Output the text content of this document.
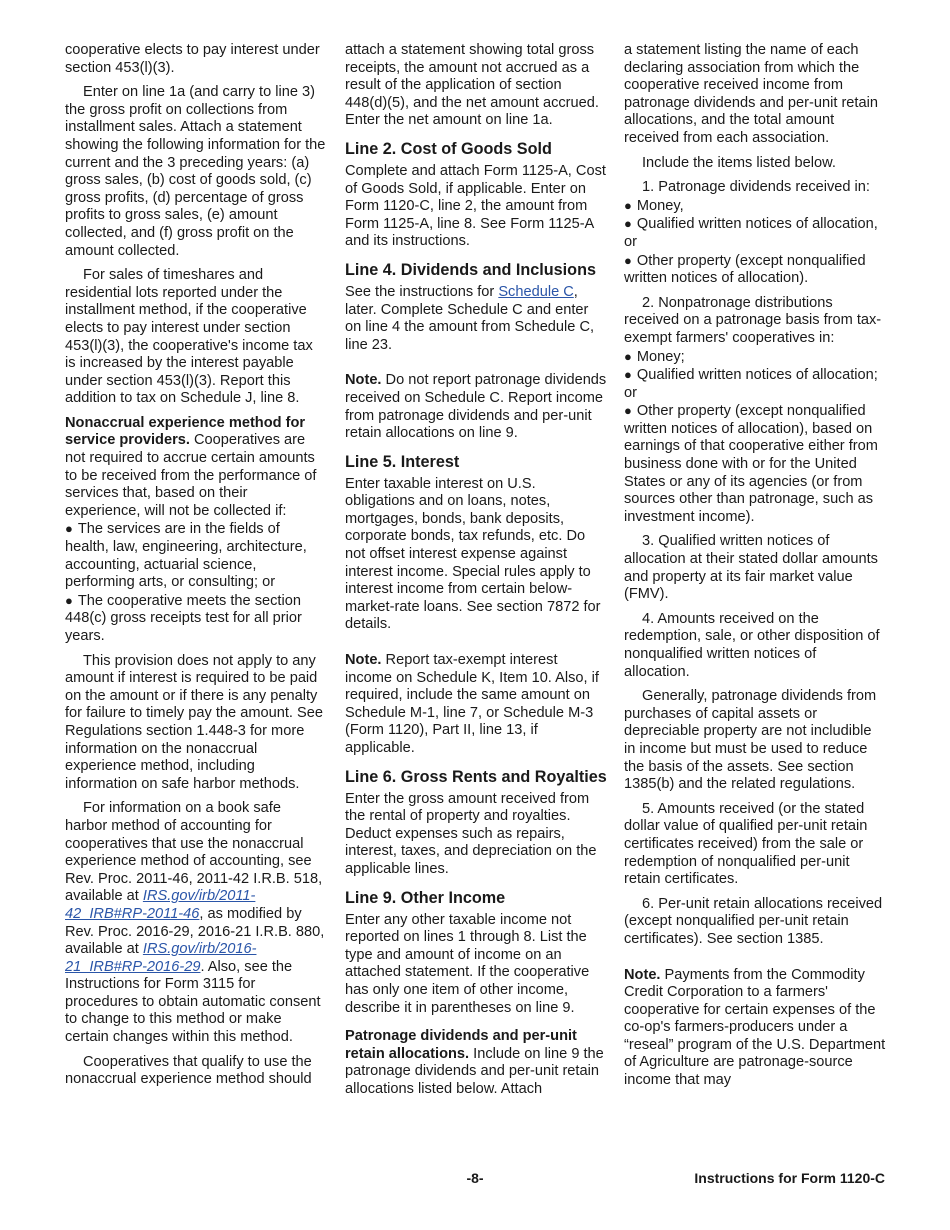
cooperative elects to pay interest under section 453(l)(3).

Enter on line 1a (and carry to line 3) the gross profit on collections from installment sales. Attach a statement showing the following information for the current and the 3 preceding years: (a) gross sales, (b) cost of goods sold, (c) gross profits, (d) percentage of gross profits to gross sales, (e) amount collected, and (f) gross profit on the amount collected.

For sales of timeshares and residential lots reported under the installment method, if the cooperative elects to pay interest under section 453(l)(3), the cooperative's income tax is increased by the interest payable under section 453(l)(3). Report this addition to tax on Schedule J, line 8.

Nonaccrual experience method for service providers. Cooperatives are not required to accrue certain amounts to be received from the performance of services that, based on their experience, will not be collected if:

● The services are in the fields of health, law, engineering, architecture, accounting, actuarial science, performing arts, or consulting; or
● The cooperative meets the section 448(c) gross receipts test for all prior years.

This provision does not apply to any amount if interest is required to be paid on the amount or if there is any penalty for failure to timely pay the amount. See Regulations section 1.448-3 for more information on the nonaccrual experience method, including information on safe harbor methods.

For information on a book safe harbor method of accounting for cooperatives that use the nonaccrual experience method of accounting, see Rev. Proc. 2011-46, 2011-42 I.R.B. 518, available at IRS.gov/irb/2011-42_IRB#RP-2011-46, as modified by Rev. Proc. 2016-29, 2016-21 I.R.B. 880, available at IRS.gov/irb/2016-21_IRB#RP-2016-29. Also, see the Instructions for Form 3115 for procedures to obtain automatic consent to change to this method or make certain changes within this method.

Cooperatives that qualify to use the nonaccrual experience method should

attach a statement showing total gross receipts, the amount not accrued as a result of the application of section 448(d)(5), and the net amount accrued. Enter the net amount on line 1a.

Line 2. Cost of Goods Sold

Complete and attach Form 1125-A, Cost of Goods Sold, if applicable. Enter on Form 1120-C, line 2, the amount from Form 1125-A, line 8. See Form 1125-A and its instructions.

Line 4. Dividends and Inclusions

See the instructions for Schedule C, later. Complete Schedule C and enter on line 4 the amount from Schedule C, line 23.

Note. Do not report patronage dividends received on Schedule C. Report income from patronage dividends and per-unit retain allocations on line 9.

Line 5. Interest

Enter taxable interest on U.S. obligations and on loans, notes, mortgages, bonds, bank deposits, corporate bonds, tax refunds, etc. Do not offset interest expense against interest income. Special rules apply to interest income from certain below-market-rate loans. See section 7872 for details.

Note. Report tax-exempt interest income on Schedule K, Item 10. Also, if required, include the same amount on Schedule M-1, line 7, or Schedule M-3 (Form 1120), Part II, line 13, if applicable.

Line 6. Gross Rents and Royalties

Enter the gross amount received from the rental of property and royalties. Deduct expenses such as repairs, interest, taxes, and depreciation on the applicable lines.

Line 9. Other Income

Enter any other taxable income not reported on lines 1 through 8. List the type and amount of income on an attached statement. If the cooperative has only one item of other income, describe it in parentheses on line 9.

Patronage dividends and per-unit retain allocations. Include on line 9 the patronage dividends and per-unit retain allocations listed below. Attach

a statement listing the name of each declaring association from which the cooperative received income from patronage dividends and per-unit retain allocations, and the total amount received from each association.

Include the items listed below.

1. Patronage dividends received in:

● Money,
● Qualified written notices of allocation, or
● Other property (except nonqualified written notices of allocation).

2. Nonpatronage distributions received on a patronage basis from tax-exempt farmers' cooperatives in:

● Money;
● Qualified written notices of allocation; or
● Other property (except nonqualified written notices of allocation), based on earnings of that cooperative either from business done with or for the United States or any of its agencies (or from sources other than patronage, such as investment income).

3. Qualified written notices of allocation at their stated dollar amounts and property at its fair market value (FMV).

4. Amounts received on the redemption, sale, or other disposition of nonqualified written notices of allocation.

Generally, patronage dividends from purchases of capital assets or depreciable property are not includible in income but must be used to reduce the basis of the assets. See section 1385(b) and the related regulations.

5. Amounts received (or the stated dollar value of qualified per-unit retain certificates received) from the sale or redemption of nonqualified per-unit retain certificates.

6. Per-unit retain allocations received (except nonqualified per-unit retain certificates). See section 1385.

Note. Payments from the Commodity Credit Corporation to a farmers' cooperative for certain expenses of the co-op's farmers-producers under a “reseal” program of the U.S. Department of Agriculture are patronage-source income that may

-8-	Instructions for Form 1120-C
